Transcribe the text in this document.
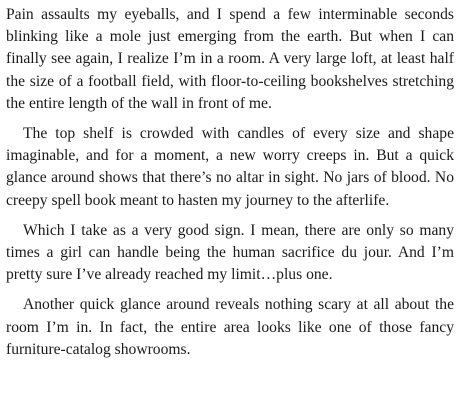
Pain assaults my eyeballs, and I spend a few interminable seconds blinking like a mole just emerging from the earth. But when I can finally see again, I realize I’m in a room. A very large loft, at least half the size of a football field, with floor-to-ceiling bookshelves stretching the entire length of the wall in front of me.

The top shelf is crowded with candles of every size and shape imaginable, and for a moment, a new worry creeps in. But a quick glance around shows that there’s no altar in sight. No jars of blood. No creepy spell book meant to hasten my journey to the afterlife.

Which I take as a very good sign. I mean, there are only so many times a girl can handle being the human sacrifice du jour. And I’m pretty sure I’ve already reached my limit…plus one.

Another quick glance around reveals nothing scary at all about the room I’m in. In fact, the entire area looks like one of those fancy furniture-catalog showrooms.
